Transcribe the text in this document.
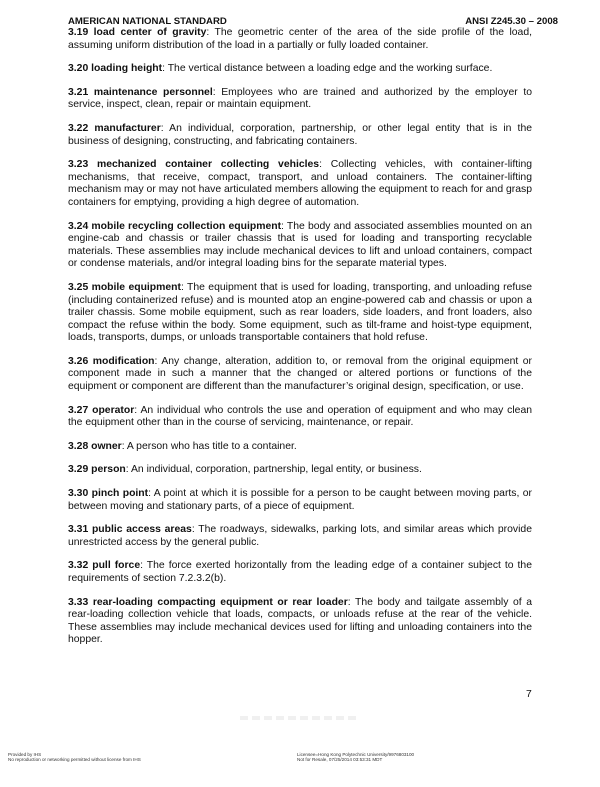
AMERICAN NATIONAL STANDARD	ANSI Z245.30 – 2008

3.19 load center of gravity: The geometric center of the area of the side profile of the load, assuming uniform distribution of the load in a partially or fully loaded container.

3.20 loading height: The vertical distance between a loading edge and the working surface.

3.21 maintenance personnel: Employees who are trained and authorized by the employer to service, inspect, clean, repair or maintain equipment.

3.22 manufacturer: An individual, corporation, partnership, or other legal entity that is in the business of designing, constructing, and fabricating containers.

3.23 mechanized container collecting vehicles: Collecting vehicles, with container-lifting mechanisms, that receive, compact, transport, and unload containers. The container-lifting mechanism may or may not have articulated members allowing the equipment to reach for and grasp containers for emptying, providing a high degree of automation.

3.24 mobile recycling collection equipment: The body and associated assemblies mounted on an engine-cab and chassis or trailer chassis that is used for loading and transporting recyclable materials. These assemblies may include mechanical devices to lift and unload containers, compact or condense materials, and/or integral loading bins for the separate material types.

3.25 mobile equipment: The equipment that is used for loading, transporting, and unloading refuse (including containerized refuse) and is mounted atop an engine-powered cab and chassis or upon a trailer chassis. Some mobile equipment, such as rear loaders, side loaders, and front loaders, also compact the refuse within the body. Some equipment, such as tilt-frame and hoist-type equipment, loads, transports, dumps, or unloads transportable containers that hold refuse.

3.26 modification: Any change, alteration, addition to, or removal from the original equipment or component made in such a manner that the changed or altered portions or functions of the equipment or component are different than the manufacturer’s original design, specification, or use.

3.27 operator: An individual who controls the use and operation of equipment and who may clean the equipment other than in the course of servicing, maintenance, or repair.

3.28 owner: A person who has title to a container.

3.29 person: An individual, corporation, partnership, legal entity, or business.

3.30 pinch point: A point at which it is possible for a person to be caught between moving parts, or between moving and stationary parts, of a piece of equipment.

3.31 public access areas: The roadways, sidewalks, parking lots, and similar areas which provide unrestricted access by the general public.

3.32 pull force: The force exerted horizontally from the leading edge of a container subject to the requirements of section 7.2.3.2(b).

3.33 rear-loading compacting equipment or rear loader: The body and tailgate assembly of a rear-loading collection vehicle that loads, compacts, or unloads refuse at the rear of the vehicle. These assemblies may include mechanical devices used for lifting and unloading containers into the hopper.

7
Provided by IHS
No reproduction or networking permitted without license from IHS
Licensee=Hong Kong Polytechnic University/9976803100
Not for Resale, 07/25/2014 03:53:31 MDT
